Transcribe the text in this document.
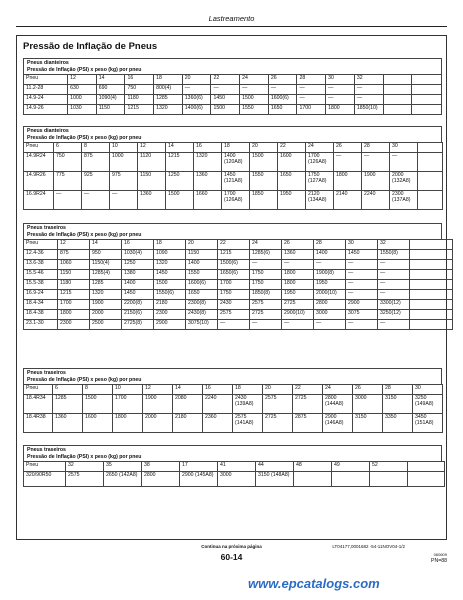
Lastreamento
Pressão de Inflação de Pneus
Pneus dianteiros
Pressão de Inflação (PSI) x peso (kg) por pneu
Pneu	12	14	16	18	20	22	24	26	28	30	32		
11.2-28	630	690	750	800(4)	—	—	—	—	—	—	—		
14.9-24	1000	1090(4)	1180	1285	1360(6)	1450	1500	1600(6)	—	—	—		
14.9-26	1030	1150	1215	1320	1400(6)	1500	1550	1650	1700	1800	1850(10)		
Pneus dianteiros
Pressão de Inflação (PSI) x peso (kg) por pneu
Pneu	6	8	10	12	14	16	18	20	22	24	26	28	30	
14.9R24	750	875	1000	1120	1215	1320	1400 (120A8)	1500	1600	1700 (126A8)	—	—	—	
14.9R26	775	925	975	1150	1250	1360	1450 (121A8)	1550	1650	1750 (127A8)	1800	1900	2000 (132A8)	
16.9R24	—	—	—	1360	1500	1660	1700 (126A8)	1850	1950	2120 (134A8)	2140	2240	2300 (137A8)	
Pneus traseiros
Pressão de Inflação (PSI) x peso (kg) por pneu
Pneu	12	14	16	18	20	22	24	26	28	30	32	
12.4-36	875	950	1030(4)	1090	1150	1215	1285(6)	1360	1400	1450	1550(8)	
13.6-38	1060	1150(4)	1250	1320	1400	1500(6)	—	—	—	—	—	
15.5-46	1150	1285(4)	1380	1450	1550	1650(6)	1750	1800	1900(8)	—	—	
15.5-38	1180	1285	1400	1500	1600(6)	1700	1750	1800	1950	—	—	
16.9-24	1215	1320	1450	1550(6)	1650	1750	1850(8)	1950	2000(10)	—	—	
18.4-34	1700	1900	2200(8)	2180	2300(8)	2430	2575	2725	2800	2900	3300(12)	
18.4-38	1800	2000	2150(6)	2300	2430(8)	2575	2725	2900(10)	3000	3075	3250(12)	
23.1-30	2300	2500	2725(8)	2900	3075(10)	—	—	—	—	—	—	
Pneus traseiros
Pressão de Inflação (PSI) x peso (kg) por pneu
Pneu	6	8	10	12	14	16	18	20	22	24	26	28	30
18.4R34	1285	1500	1700	1900	2080	2240	2430 (139A8)	2575	2725	2800 (144A8)	3000	3150	3250 (149A8)
18.4R38	1360	1600	1800	2000	2180	2360	2575 (141A8)	2725	2875	2900 (146A8)	3150	3350	3450 (151A8)
Pneus traseiros
Pressão de Inflação (PSI) x peso (kg) por pneu
Pneu	32	35	38	17	41	44	48	49	52	
320/90R50	2575	2650 (142A8)	2800	2900 (145A8)	3000	3150 (148A8)				
Continua na próxima página	LT04177,0001682 -54-11NOV04-1/2
60-14	060609
PN=88
www.epcatalogs.com
